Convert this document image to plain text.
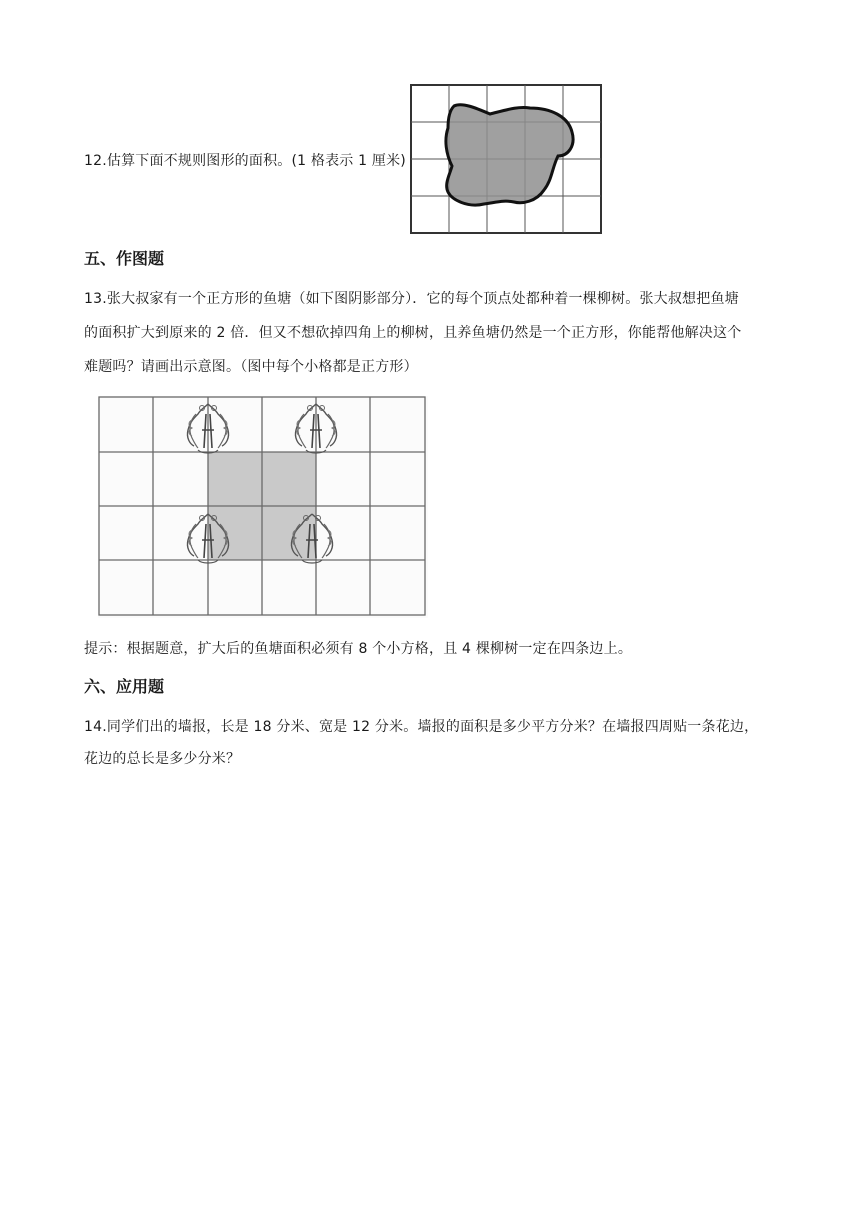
12.估算下面不规则图形的面积。(1 格表示 1 厘米)
五、作图题
13.张大叔家有一个正方形的鱼塘（如下图阴影部分）．它的每个顶点处都种着一棵柳树。张大叔想把鱼塘
的面积扩大到原来的 2 倍．但又不想砍掉四角上的柳树，且养鱼塘仍然是一个正方形，你能帮他解决这个
难题吗？请画出示意图。（图中每个小格都是正方形）
提示：根据题意，扩大后的鱼塘面积必须有 8 个小方格，且 4 棵柳树一定在四条边上。
六、应用题
14.同学们出的墙报，长是 18 分米、宽是 12 分米。墙报的面积是多少平方分米？在墙报四周贴一条花边，
花边的总长是多少分米？
